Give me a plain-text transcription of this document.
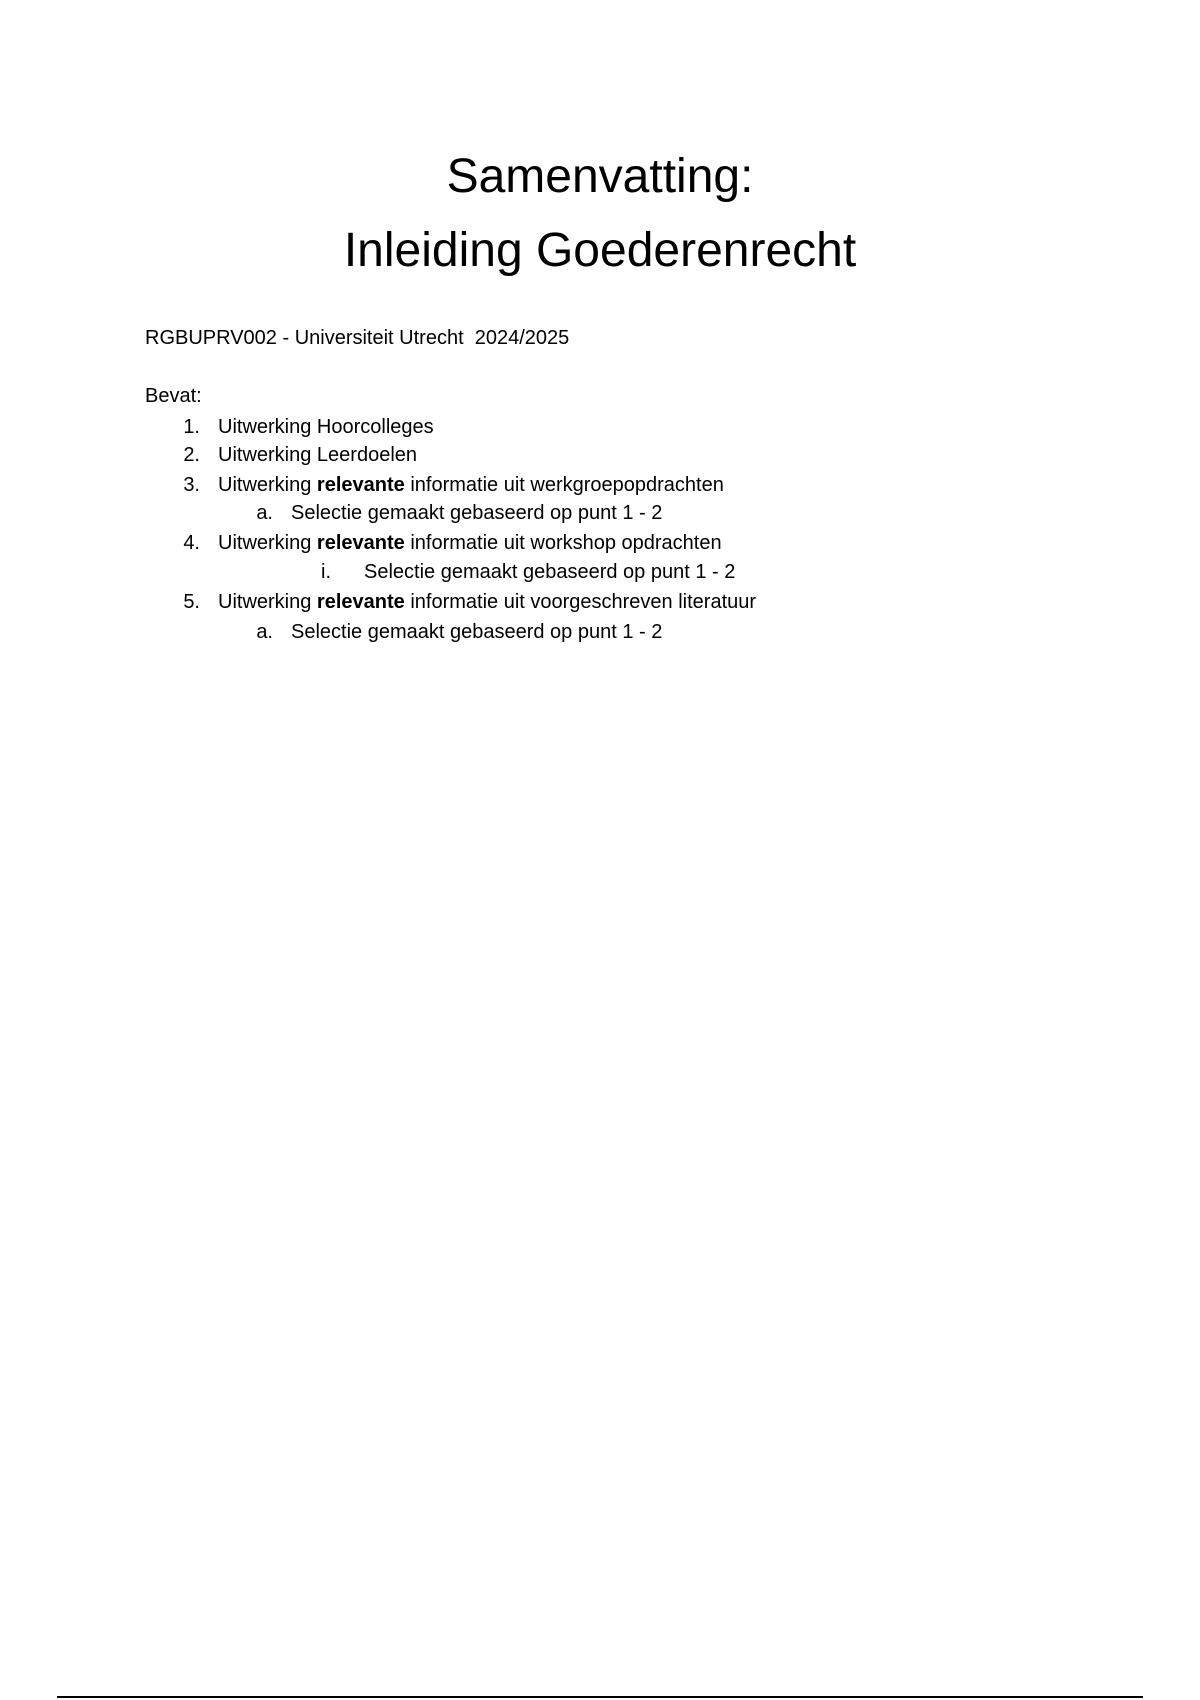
Samenvatting:

Inleiding Goederenrecht

RGBUPRV002 - Universiteit Utrecht  2024/2025
Bevat:
1. Uitwerking Hoorcolleges
2. Uitwerking Leerdoelen
3. Uitwerking relevante informatie uit werkgroepopdrachten
a. Selectie gemaakt gebaseerd op punt 1 - 2
4. Uitwerking relevante informatie uit workshop opdrachten
i. Selectie gemaakt gebaseerd op punt 1 - 2
5. Uitwerking relevante informatie uit voorgeschreven literatuur
a. Selectie gemaakt gebaseerd op punt 1 - 2
